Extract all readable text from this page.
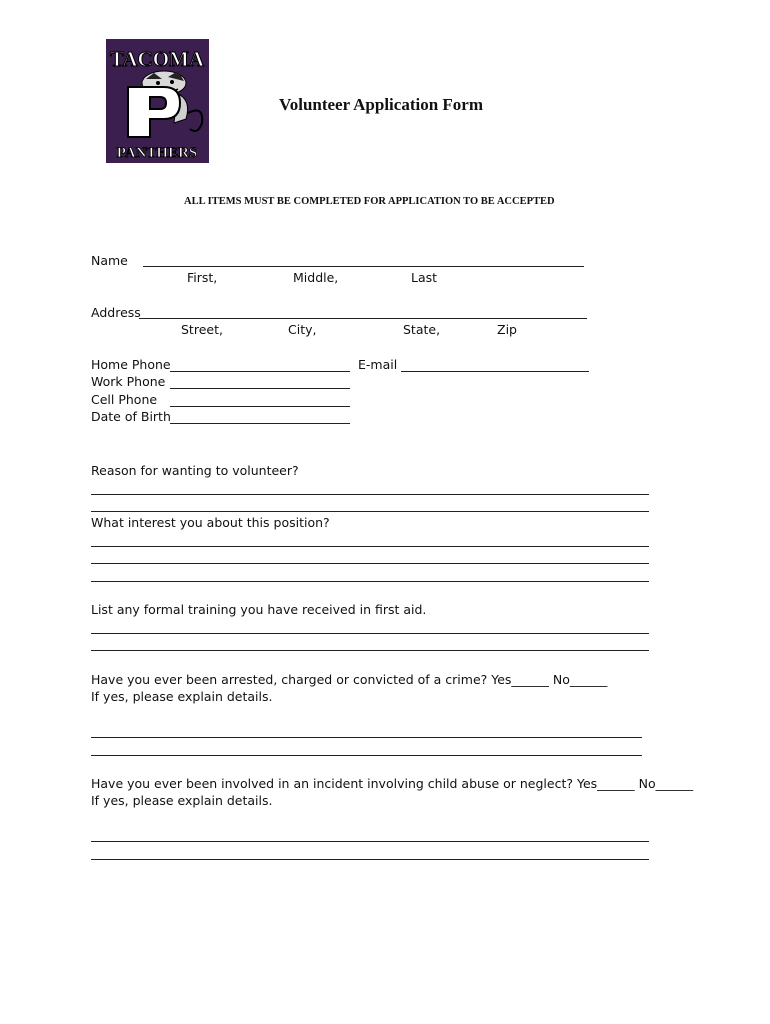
TACOMA
P
PANTHERS
Volunteer Application Form
ALL ITEMS MUST BE COMPLETED FOR APPLICATION TO BE ACCEPTED
Name
First,	Middle,	Last
Address
Street,	City,	State,	Zip
Home Phone	E-mail
Work Phone
Cell Phone
Date of Birth
Reason for wanting to volunteer?
What interest you about this position?
List any formal training you have received in first aid.
Have you ever been arrested, charged or convicted of a crime? Yes______ No______
If yes, please explain details.
Have you ever been involved in an incident involving child abuse or neglect? Yes______ No______
If yes, please explain details.
